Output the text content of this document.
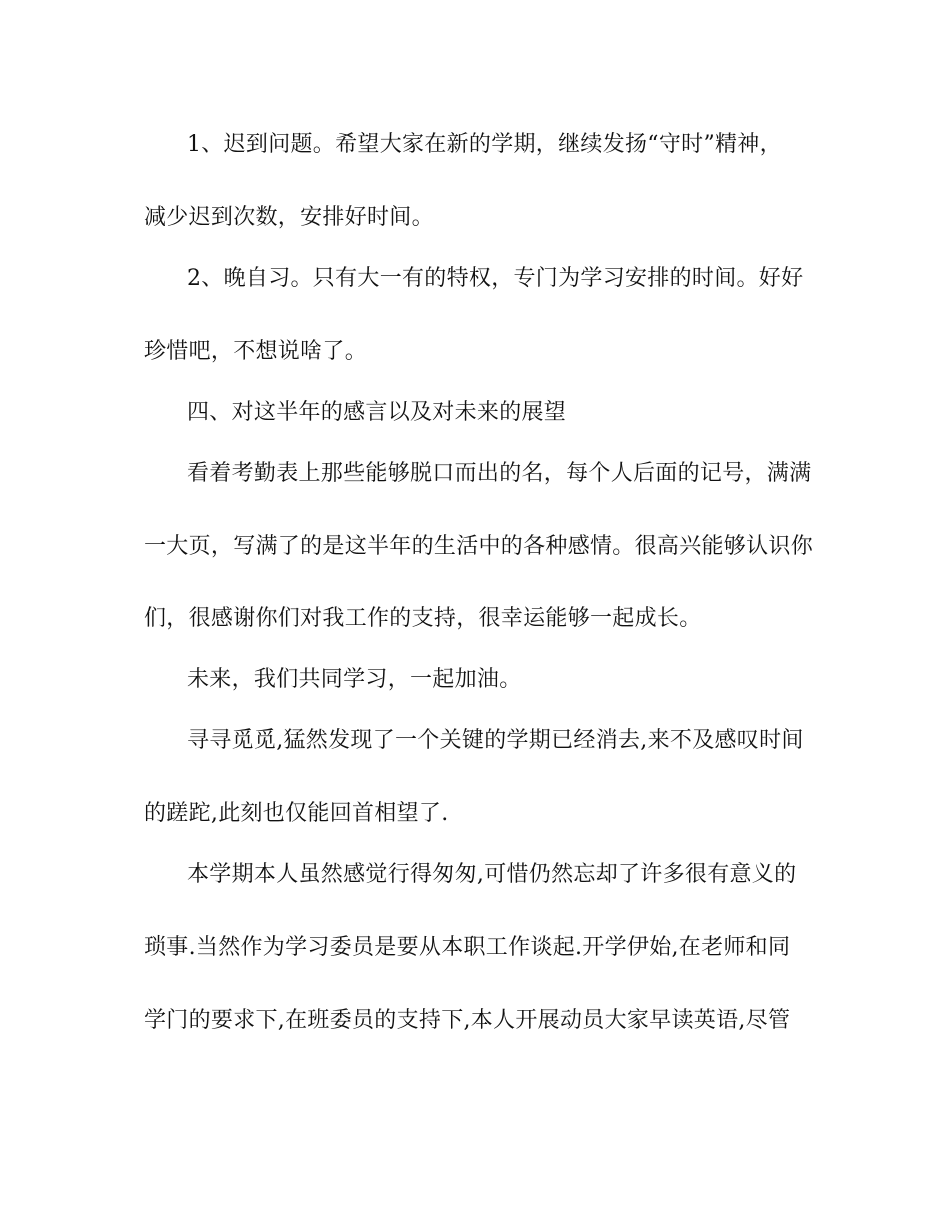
1、迟到问题。希望大家在新的学期，继续发扬“守时”精神，
减少迟到次数，安排好时间。
2、晚自习。只有大一有的特权，专门为学习安排的时间。好好
珍惜吧，不想说啥了。
四、对这半年的感言以及对未来的展望
看着考勤表上那些能够脱口而出的名，每个人后面的记号，满满
一大页，写满了的是这半年的生活中的各种感情。很高兴能够认识你
们，很感谢你们对我工作的支持，很幸运能够一起成长。
未来，我们共同学习，一起加油。
寻寻觅觅,猛然发现了一个关键的学期已经消去,来不及感叹时间
的蹉跎,此刻也仅能回首相望了.
本学期本人虽然感觉行得匆匆,可惜仍然忘却了许多很有意义的
琐事.当然作为学习委员是要从本职工作谈起.开学伊始,在老师和同
学门的要求下,在班委员的支持下,本人开展动员大家早读英语,尽管
